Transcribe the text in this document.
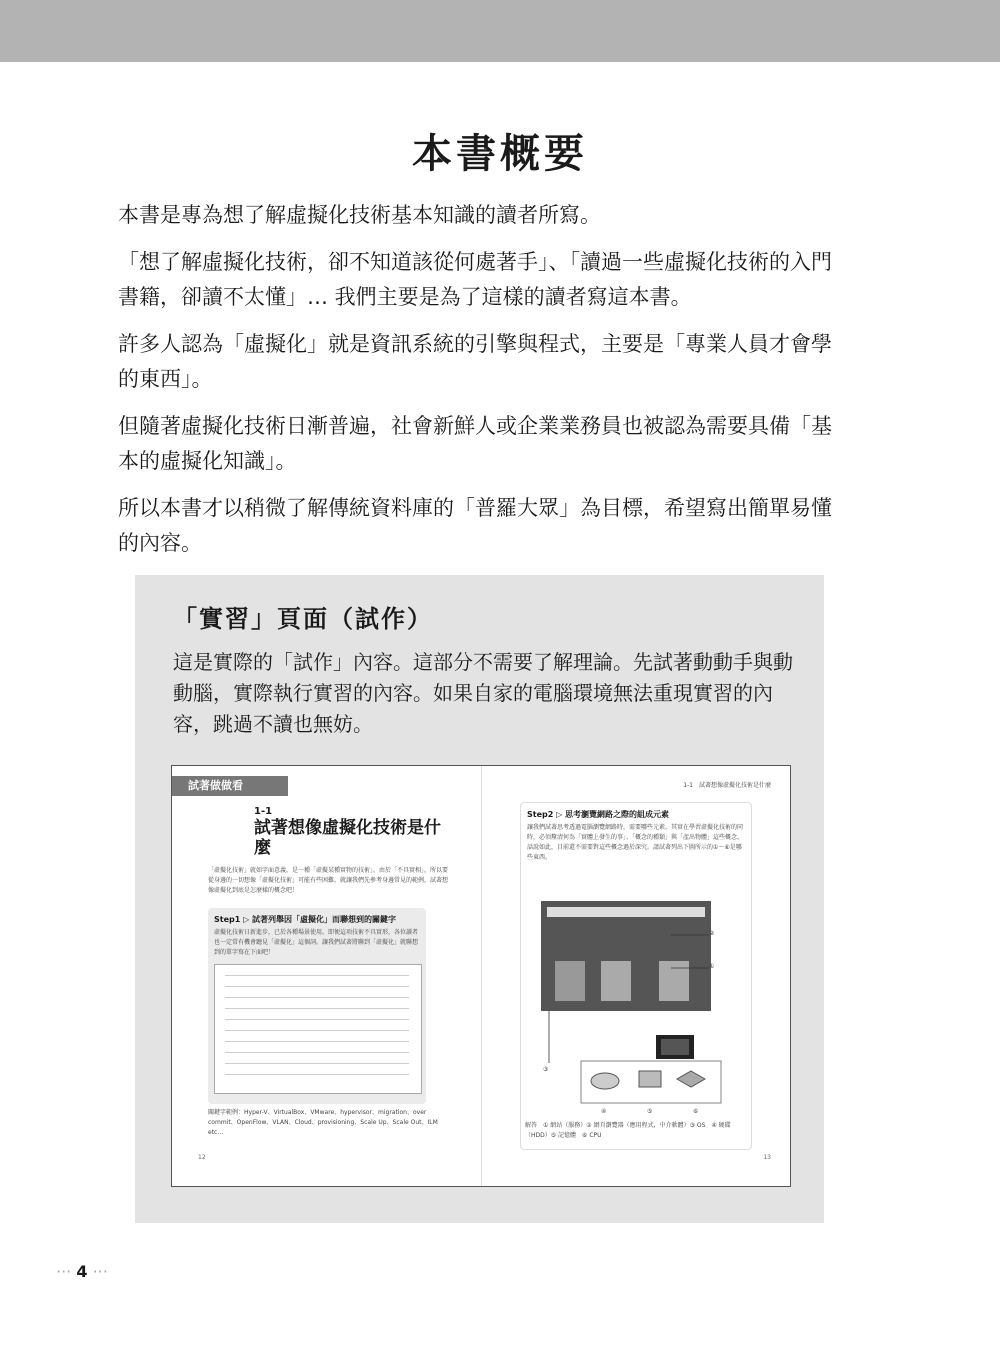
本書概要

本書是專為想了解虛擬化技術基本知識的讀者所寫。

「想了解虛擬化技術，卻不知道該從何處著手」、「讀過一些虛擬化技術的入門書籍，卻讀不太懂」… 我們主要是為了這樣的讀者寫這本書。

許多人認為「虛擬化」就是資訊系統的引擎與程式，主要是「專業人員才會學的東西」。

但隨著虛擬化技術日漸普遍，社會新鮮人或企業業務員也被認為需要具備「基本的虛擬化知識」。

所以本書才以稍微了解傳統資料庫的「普羅大眾」為目標，希望寫出簡單易懂的內容。

「實習」頁面（試作）
這是實際的「試作」內容。這部分不需要了解理論。先試著動動手與動動腦，實際執行實習的內容。如果自家的電腦環境無法重現實習的內容，跳過不讀也無妨。
試著做做看
1-1
試著想像虛擬化技術是什麼
「虛擬化技術」就如字面意義，是一種「虛擬某種實物的技術」。由於「不具實相」，所以要從身邊的一切想像「虛擬化技術」可能有些困難。就讓我們先參考身邊常見的範例，試著想像虛擬化到底是怎麼樣的概念吧！
Step1 ▷ 試著列舉因「虛擬化」而聯想到的關鍵字
虛擬化技術日新進步，已於各種場景使用。即便這項技術不具實形，各位讀者也一定常有機會聽見「虛擬化」這個詞。讓我們試著將聯到「虛擬化」就聯想到的單字寫在下面吧！
關鍵字範例：Hyper-V、VirtualBox、VMware、hypervisor、migration、over commit、OpenFlow、VLAN、Cloud、provisioning、Scale Up、Scale Out、ILM etc…
12
1-1　試著想像虛擬化技術是什麼
Step2 ▷ 思考瀏覽網路之際的組成元素
讓我們試著思考透過電腦瀏覽網路時，需要哪些元素。其實在學習虛擬化技術的同時，必須釐清何為「實體上發生的事」、「概念的種類」與「產出物體」這些概念。話說如此，目前還不需要對這些概念過於深究。請試著列出下圖所示的①～⑥是哪些東西。
②
①
③
④	⑤	⑥
解答　① 網站（服務）② 網頁瀏覽器（應用程式，中介軟體）③ OS　④ 硬碟（HDD）⑤ 記憶體　⑥ CPU
13
··· 4 ···
